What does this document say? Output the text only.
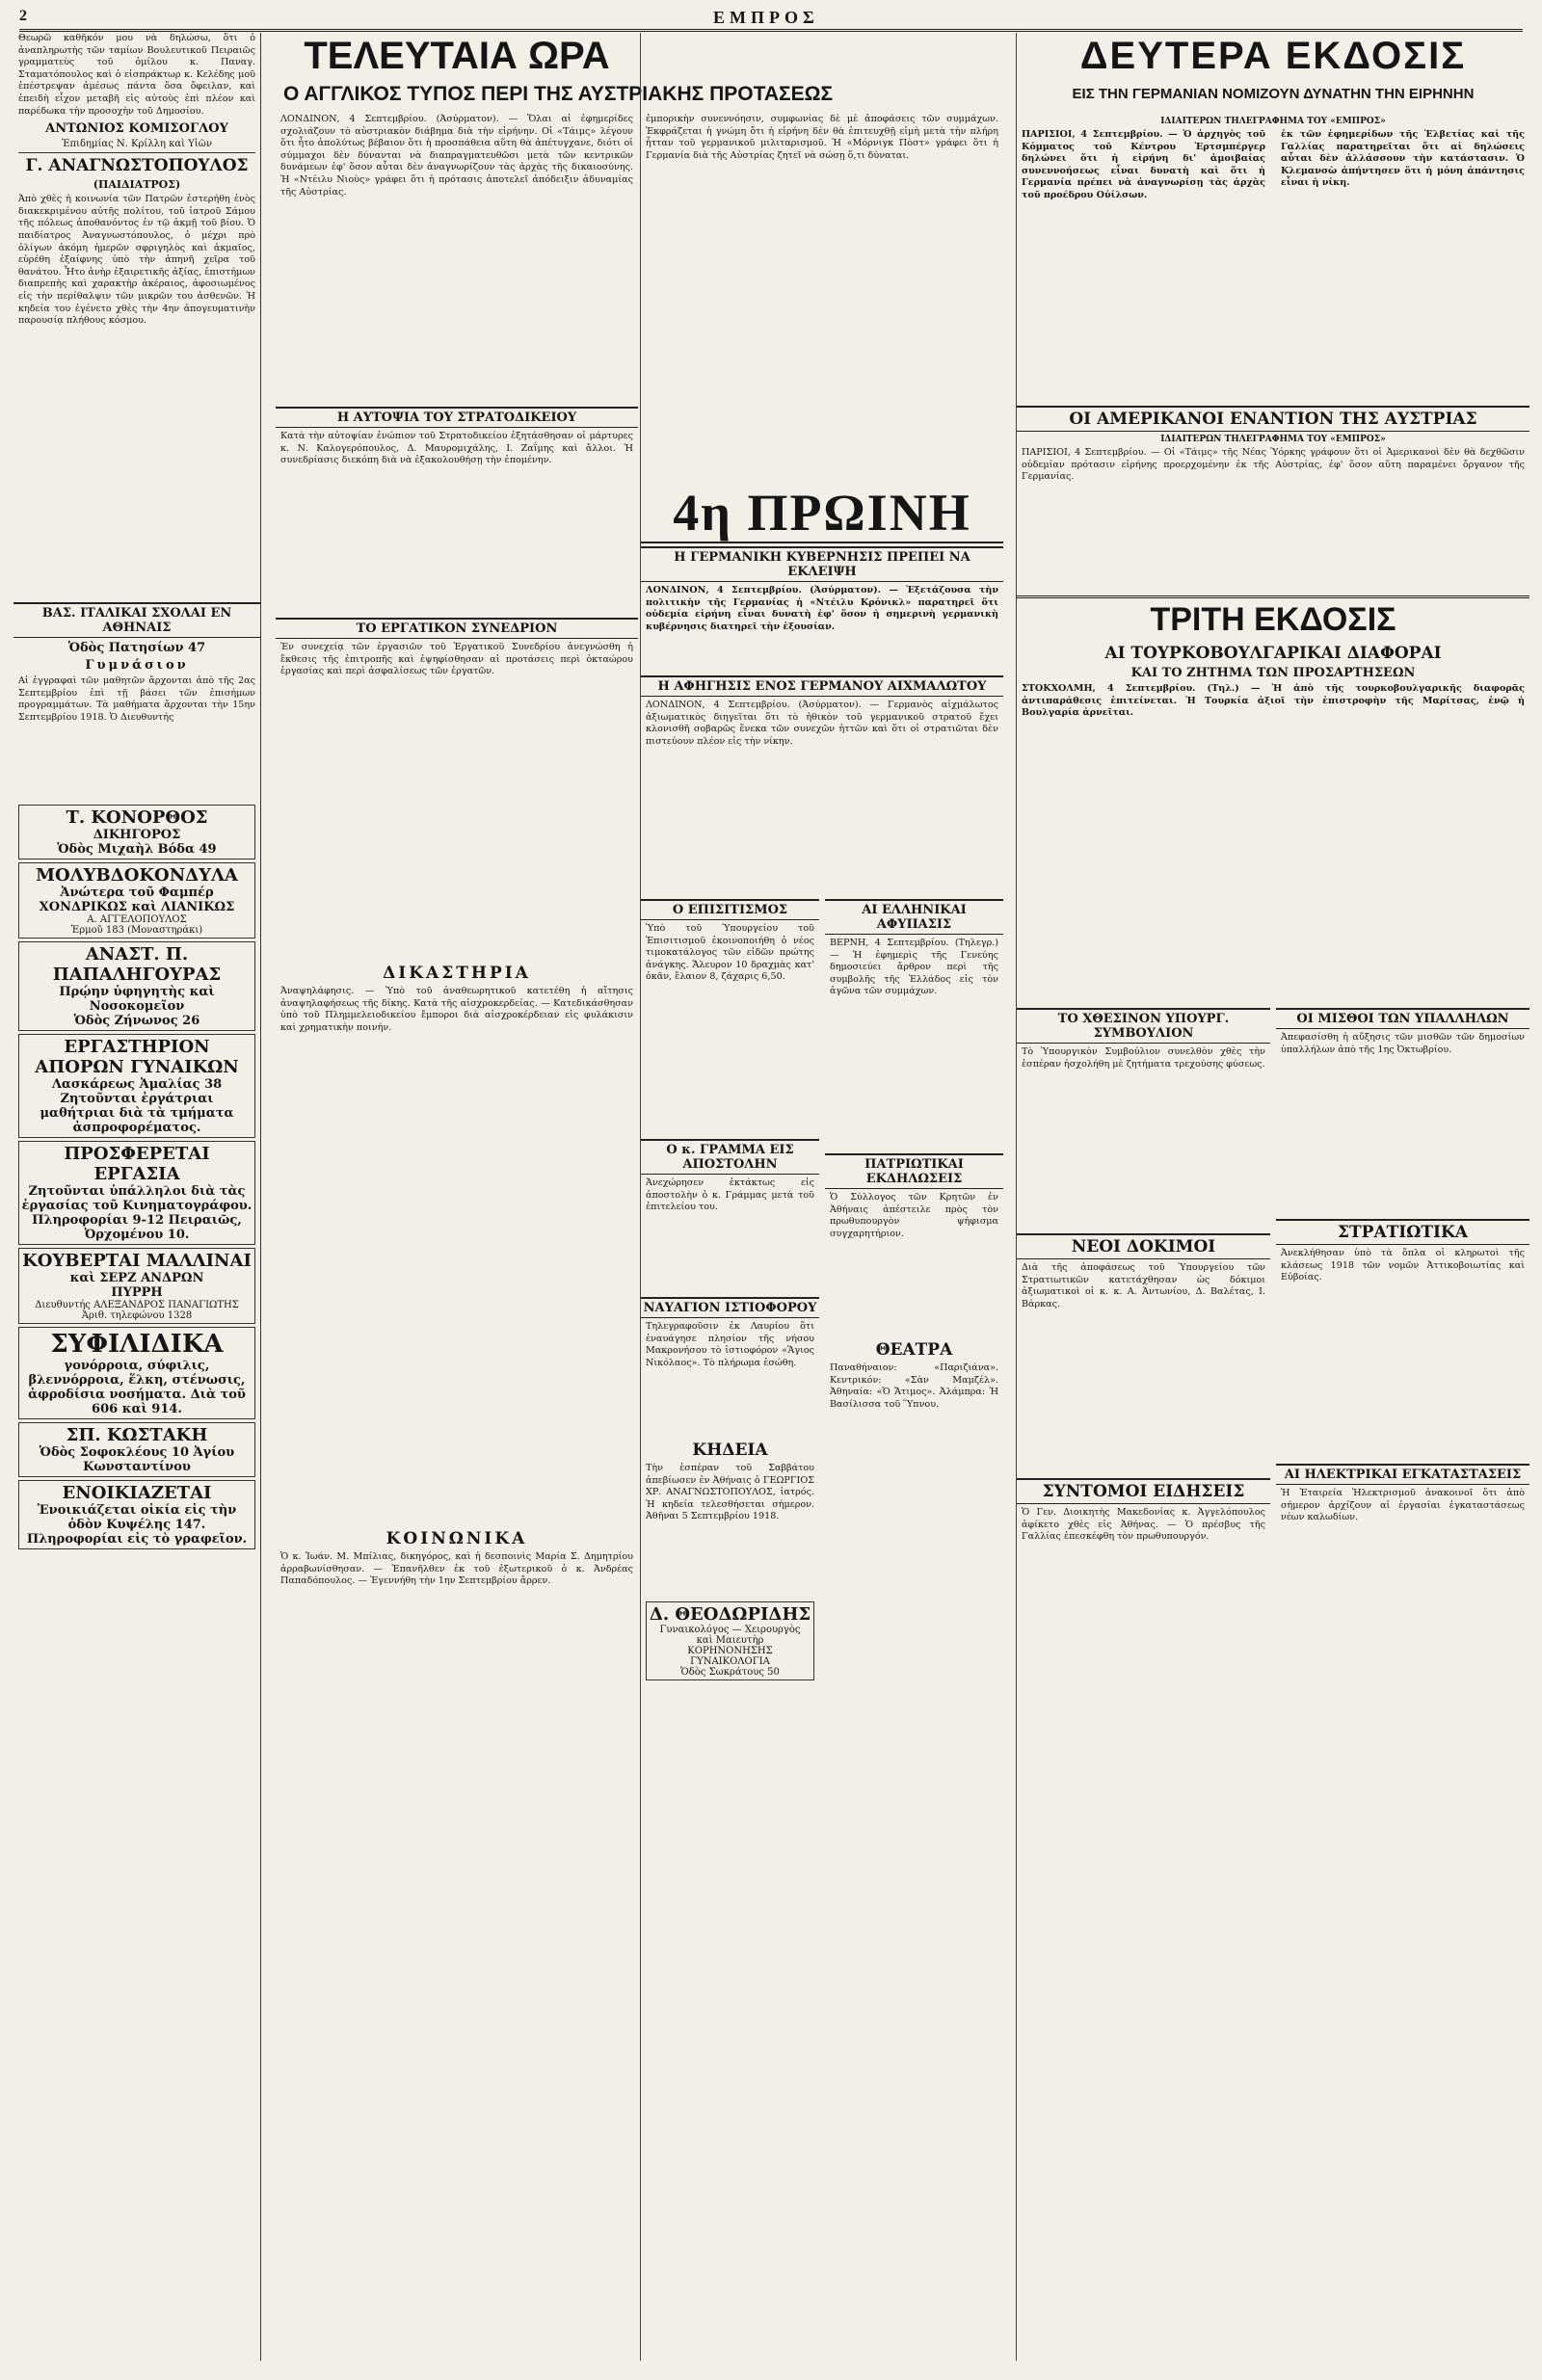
2	ΕΜΠΡΟΣ

Θεωρῶ καθῆκόν μου νὰ δηλώσω, ὅτι ὁ ἀναπληρωτὴς τῶν ταμίων Βουλευτικοῦ Πειραιῶς γραμματεὺς τοῦ ὁμίλου κ. Παναγ. Σταματόπουλος καὶ ὁ εἰσπράκτωρ κ. Κελέδης μοῦ ἐπέστρεψαν ἀμέσως πάντα ὅσα ὄφειλαν, καὶ ἐπειδὴ εἶχον μεταβῆ εἰς αὐτοὺς ἐπὶ πλέον καὶ παρέδωκα τὴν προσοχὴν τοῦ Δημοσίου.

ΑΝΤΩΝΙΟΣ ΚΟΜΙΣΟΓΛΟΥ
Ἐπιδημίας Ν. Κρίλλη καὶ Υἱῶν
Γ. ΑΝΑΓΝΩΣΤΟΠΟΥΛΟΣ
(ΠΑΙΔΙΑΤΡΟΣ)

Ἀπὸ χθὲς ἡ κοινωνία τῶν Πατρῶν ἐστερήθη ἑνὸς διακεκριμένου αὐτῆς πολίτου, τοῦ ἰατροῦ Σάμου τῆς πόλεως ἀποθανόντος ἐν τῷ ἀκμῇ τοῦ βίου. Ὁ παιδίατρος Ἀναγνωστόπουλος, ὁ μέχρι πρὸ ὀλίγων ἀκόμη ἡμερῶν σφριγηλὸς καὶ ἀκμαῖος, εὑρέθη ἐξαίφνης ὑπὸ τὴν ἀπηνῆ χεῖρα τοῦ θανάτου. Ἦτο ἀνὴρ ἐξαιρετικῆς ἀξίας, ἐπιστήμων διαπρεπὴς καὶ χαρακτὴρ ἀκέραιος, ἀφοσιωμένος εἰς τὴν περίθαλψιν τῶν μικρῶν του ἀσθενῶν. Ἡ κηδεία του ἐγένετο χθὲς τὴν 4ην ἀπογευματινὴν παρουσίᾳ πλήθους κόσμου.

ΒΑΣ. ΙΤΑΛΙΚΑΙ ΣΧΟΛΑΙ ΕΝ ΑΘΗΝΑΙΣ
Ὁδὸς Πατησίων 47
Γυμνάσιον

Αἱ ἐγγραφαὶ τῶν μαθητῶν ἄρχονται ἀπὸ τῆς 2ας Σεπτεμβρίου ἐπὶ τῇ βάσει τῶν ἐπισήμων προγραμμάτων. Τὰ μαθήματα ἄρχονται τὴν 15ην Σεπτεμβρίου 1918. Ὁ Διευθυντής

Τ. ΚΟΝΟΡΘΟΣ
ΔΙΚΗΓΟΡΟΣ
Ὁδὸς Μιχαὴλ Βόδα 49
ΜΟΛΥΒΔΟΚΟΝΔΥΛΑ
Ἀνώτερα τοῦ Φαμπέρ
ΧΟΝΔΡΙΚΩΣ καὶ ΛΙΑΝΙΚΩΣ
Α. ΑΓΓΕΛΟΠΟΥΛΟΣ
Ἑρμοῦ 183 (Μοναστηράκι)
ΑΝΑΣΤ. Π. ΠΑΠΑΛΗΓΟΥΡΑΣ
Πρῴην ὑφηγητὴς καὶ Νοσοκομεῖον
Ὁδὸς Ζήνωνος 26
ΕΡΓΑΣΤΗΡΙΟΝ ΑΠΟΡΩΝ ΓΥΝΑΙΚΩΝ
Λασκάρεως Ἀμαλίας 38
Ζητοῦνται ἐργάτριαι μαθήτριαι διὰ τὰ τμήματα ἀσπροφορέματος.
ΠΡΟΣΦΕΡΕΤΑΙ ΕΡΓΑΣΙΑ
Ζητοῦνται ὑπάλληλοι διὰ τὰς ἐργασίας τοῦ Κινηματογράφου. Πληροφορίαι 9-12 Πειραιῶς, Ὀρχομένου 10.
ΚΟΥΒΕΡΤΑΙ ΜΑΛΛΙΝΑΙ
καὶ ΣΕΡΖ ΑΝΔΡΩΝ
ΠΥΡΡΗ
Διευθυντής ΑΛΕΞΑΝΔΡΟΣ ΠΑΝΑΓΙΩΤΗΣ
Ἀριθ. τηλεφώνου 1328
ΣΥΦΙΛΙΔΙΚΑ
γονόρροια, σύφιλις, βλεννόρροια, ἕλκη, στένωσις, ἀφροδίσια νοσήματα. Διὰ τοῦ 606 καὶ 914.
ΣΠ. ΚΩΣΤΑΚΗ
Ὁδὸς Σοφοκλέους 10 Ἀγίου Κωνσταντίνου
ΕΝΟΙΚΙΑΖΕΤΑΙ
Ἐνοικιάζεται οἰκία εἰς τὴν ὁδὸν Κυψέλης 147. Πληροφορίαι εἰς τὸ γραφεῖον.
ΤΕΛΕΥΤΑΙΑ ΩΡΑ
Ο ΑΓΓΛΙΚΟΣ ΤΥΠΟΣ ΠΕΡΙ ΤΗΣ ΑΥΣΤΡΙΑΚΗΣ ΠΡΟΤΑΣΕΩΣ

ΛΟΝΔΙΝΟΝ, 4 Σεπτεμβρίου. (Ἀσύρματον). — Ὅλαι αἱ ἐφημερίδες σχολιάζουν τὸ αὐστριακὸν διάβημα διὰ τὴν εἰρήνην. Οἱ «Τάιμς» λέγουν ὅτι ἦτο ἀπολύτως βέβαιον ὅτι ἡ προσπάθεια αὕτη θὰ ἀπέτυγχανε, διότι οἱ σύμμαχοι δὲν δύνανται νὰ διαπραγματευθῶσι μετὰ τῶν κεντρικῶν δυνάμεων ἐφ' ὅσον αὗται δὲν ἀναγνωρίζουν τὰς ἀρχὰς τῆς δικαιοσύνης. Ἡ «Ντέιλυ Νιοὺς» γράφει ὅτι ἡ πρότασις ἀποτελεῖ ἀπόδειξιν ἀδυναμίας τῆς Αὐστρίας.

Η ΑΥΤΟΨΙΑ ΤΟΥ ΣΤΡΑΤΟΔΙΚΕΙΟΥ

Κατὰ τὴν αὐτοψίαν ἐνώπιον τοῦ Στρατοδικείου ἐξητάσθησαν οἱ μάρτυρες κ. Ν. Καλογερόπουλος, Δ. Μαυρομιχάλης, Ι. Ζαΐμης καὶ ἄλλοι. Ἡ συνεδρίασις διεκόπη διὰ νὰ ἐξακολουθήσῃ τὴν ἐπομένην.

ΤΟ ΕΡΓΑΤΙΚΟΝ ΣΥΝΕΔΡΙΟΝ

Ἐν συνεχείᾳ τῶν ἐργασιῶν τοῦ Ἐργατικοῦ Συνεδρίου ἀνεγνώσθη ἡ ἔκθεσις τῆς ἐπιτροπῆς καὶ ἐψηφίσθησαν αἱ προτάσεις περὶ ὀκταώρου ἐργασίας καὶ περὶ ἀσφαλίσεως τῶν ἐργατῶν.

ΔΙΚΑΣΤΗΡΙΑ

Ἀναψηλάφησις. — Ὑπὸ τοῦ ἀναθεωρητικοῦ κατετέθη ἡ αἴτησις ἀναψηλαφήσεως τῆς δίκης. Κατὰ τῆς αἰσχροκερδείας. — Κατεδικάσθησαν ὑπὸ τοῦ Πλημμελειοδικείου ἔμποροι διὰ αἰσχροκέρδειαν εἰς φυλάκισιν καὶ χρηματικὴν ποινήν.

ΚΟΙΝΩΝΙΚΑ

Ὁ κ. Ἰωάν. Μ. Μπίλιας, δικηγόρος, καὶ ἡ δεσποινὶς Μαρία Σ. Δημητρίου ἀρραβωνίσθησαν. — Ἐπανῆλθεν ἐκ τοῦ ἐξωτερικοῦ ὁ κ. Ἀνδρέας Παπαδόπουλος. — Ἐγεννήθη τὴν 1ην Σεπτεμβρίου ἄρρεν.

ἐμπορικὴν συνεννόησιν, συμφωνίας δὲ μὲ ἀποφάσεις τῶν συμμάχων. Ἐκφράζεται ἡ γνώμη ὅτι ἡ εἰρήνη δὲν θὰ ἐπιτευχθῇ εἰμὴ μετὰ τὴν πλήρη ἧτταν τοῦ γερμανικοῦ μιλιταρισμοῦ. Ἡ «Μόρνιγκ Πὸστ» γράφει ὅτι ἡ Γερμανία διὰ τῆς Αὐστρίας ζητεῖ νὰ σώσῃ ὅ,τι δύναται.

4η ΠΡΩΙΝΗ
Η ΓΕΡΜΑΝΙΚΗ ΚΥΒΕΡΝΗΣΙΣ ΠΡΕΠΕΙ ΝΑ ΕΚΛΕΙΨΗ

ΛΟΝΔΙΝΟΝ, 4 Σεπτεμβρίου. (Ἀσύρματον). — Ἐξετάζουσα τὴν πολιτικὴν τῆς Γερμανίας ἡ «Ντέιλυ Κρόνικλ» παρατηρεῖ ὅτι οὐδεμία εἰρήνη εἶναι δυνατὴ ἐφ' ὅσον ἡ σημερινὴ γερμανικὴ κυβέρνησις διατηρεῖ τὴν ἐξουσίαν.

Η ΑΦΗΓΗΣΙΣ ΕΝΟΣ ΓΕΡΜΑΝΟΥ ΑΙΧΜΑΛΩΤΟΥ

ΛΟΝΔΙΝΟΝ, 4 Σεπτεμβρίου. (Ἀσύρματον). — Γερμανὸς αἰχμάλωτος ἀξιωματικὸς διηγεῖται ὅτι τὸ ἠθικὸν τοῦ γερμανικοῦ στρατοῦ ἔχει κλονισθῆ σοβαρῶς ἕνεκα τῶν συνεχῶν ἡττῶν καὶ ὅτι οἱ στρατιῶται δὲν πιστεύουν πλέον εἰς τὴν νίκην.

Ο ΕΠΙΣΙΤΙΣΜΟΣ

Ὑπὸ τοῦ Ὑπουργείου τοῦ Ἐπισιτισμοῦ ἐκοινοποιήθη ὁ νέος τιμοκατάλογος τῶν εἰδῶν πρώτης ἀνάγκης. Ἄλευρον 10 δραχμὰς κατ' ὀκᾶν, ἔλαιον 8, ζάχαρις 6,50.

Ο κ. ΓΡΑΜΜΑ ΕΙΣ ΑΠΟΣΤΟΛΗΝ

Ἀνεχώρησεν ἐκτάκτως εἰς ἀποστολὴν ὁ κ. Γράμμας μετὰ τοῦ ἐπιτελείου του.

ΝΑΥΑΓΙΟΝ ΙΣΤΙΟΦΟΡΟΥ

Τηλεγραφοῦσιν ἐκ Λαυρίου ὅτι ἐναυάγησε πλησίον τῆς νήσου Μακρονήσου τὸ ἱστιοφόρον «Ἅγιος Νικόλαος». Τὸ πλήρωμα ἐσώθη.

ΚΗΔΕΙΑ

Τὴν ἑσπέραν τοῦ Σαββάτου ἀπεβίωσεν ἐν Ἀθήναις ὁ ΓΕΩΡΓΙΟΣ ΧΡ. ΑΝΑΓΝΩΣΤΟΠΟΥΛΟΣ, ἰατρός. Ἡ κηδεία τελεσθήσεται σήμερον. Ἀθῆναι 5 Σεπτεμβρίου 1918.

Δ. ΘΕΟΔΩΡΙΔΗΣ
Γυναικολόγος — Χειρουργὸς
καὶ Μαιευτὴρ
ΚΟΡΗΝΟΝΗΣΗΣ ΓΥΝΑΙΚΟΛΟΓΙΑ
Ὁδὸς Σωκράτους 50
ΑΙ ΕΛΛΗΝΙΚΑΙ ΑΦΥΙΙΑΣΙΣ

ΒΕΡΝΗ, 4 Σεπτεμβρίου. (Τηλεγρ.) — Ἡ ἐφημερὶς τῆς Γενεύης δημοσιεύει ἄρθρον περὶ τῆς συμβολῆς τῆς Ἑλλάδος εἰς τὸν ἀγῶνα τῶν συμμάχων.

ΠΑΤΡΙΩΤΙΚΑΙ ΕΚΔΗΛΩΣΕΙΣ

Ὁ Σύλλογος τῶν Κρητῶν ἐν Ἀθήναις ἀπέστειλε πρὸς τὸν πρωθυπουργὸν ψήφισμα συγχαρητήριον.

ΘΕΑΤΡΑ

Παναθήναιον: «Παριζιάνα». Κεντρικόν: «Σὰν Μαμζέλ». Ἀθηναία: «Ὁ Ἄτιμος». Ἀλάμπρα: Ἡ Βασίλισσα τοῦ Ὕπνου.

ΔΕΥΤΕΡΑ ΕΚΔΟΣΙΣ
ΕΙΣ ΤΗΝ ΓΕΡΜΑΝΙΑΝ ΝΟΜΙΖΟΥΝ ΔΥΝΑΤΗΝ ΤΗΝ ΕΙΡΗΝΗΝ
ΙΔΙΑΙΤΕΡΩΝ ΤΗΛΕΓΡΑΦΗΜΑ ΤΟΥ «ΕΜΠΡΟΣ»

ΠΑΡΙΣΙΟΙ, 4 Σεπτεμβρίου. — Ὁ ἀρχηγὸς τοῦ Κόμματος τοῦ Κέντρου Ἐρτσμπέργερ δηλώνει ὅτι ἡ εἰρήνη δι' ἀμοιβαίας συνεννοήσεως εἶναι δυνατὴ καὶ ὅτι ἡ Γερμανία πρέπει νὰ ἀναγνωρίσῃ τὰς ἀρχὰς τοῦ προέδρου Οὐίλσων.

ἐκ τῶν ἐφημερίδων τῆς Ἑλβετίας καὶ τῆς Γαλλίας παρατηρεῖται ὅτι αἱ δηλώσεις αὗται δὲν ἀλλάσσουν τὴν κατάστασιν. Ὁ Κλεμανσὼ ἀπήντησεν ὅτι ἡ μόνη ἀπάντησις εἶναι ἡ νίκη.

ΟΙ ΑΜΕΡΙΚΑΝΟΙ ΕΝΑΝΤΙΟΝ ΤΗΣ ΑΥΣΤΡΙΑΣ
ΙΔΙΑΙΤΕΡΩΝ ΤΗΛΕΓΡΑΦΗΜΑ ΤΟΥ «ΕΜΠΡΟΣ»

ΠΑΡΙΣΙΟΙ, 4 Σεπτεμβρίου. — Οἱ «Τάιμς» τῆς Νέας Ὑόρκης γράφουν ὅτι οἱ Ἀμερικανοὶ δὲν θὰ δεχθῶσιν οὐδεμίαν πρότασιν εἰρήνης προερχομένην ἐκ τῆς Αὐστρίας, ἐφ' ὅσον αὕτη παραμένει ὄργανον τῆς Γερμανίας.

ΤΡΙΤΗ ΕΚΔΟΣΙΣ
ΑΙ ΤΟΥΡΚΟΒΟΥΛΓΑΡΙΚΑΙ ΔΙΑΦΟΡΑΙ
ΚΑΙ ΤΟ ΖΗΤΗΜΑ ΤΩΝ ΠΡΟΣΑΡΤΗΣΕΩΝ

ΣΤΟΚΧΟΛΜΗ, 4 Σεπτεμβρίου. (Τηλ.) — Ἡ ἀπὸ τῆς τουρκοβουλγαρικῆς διαφορᾶς ἀντιπαράθεσις ἐπιτείνεται. Ἡ Τουρκία ἀξιοῖ τὴν ἐπιστροφὴν τῆς Μαρίτσας, ἐνῷ ἡ Βουλγαρία ἀρνεῖται.

ΤΟ ΧΘΕΣΙΝΟΝ ΥΠΟΥΡΓ. ΣΥΜΒΟΥΛΙΟΝ

Τὸ Ὑπουργικὸν Συμβούλιον συνελθὸν χθὲς τὴν ἑσπέραν ἠσχολήθη μὲ ζητήματα τρεχούσης φύσεως.

ΝΕΟΙ ΔΟΚΙΜΟΙ

Διὰ τῆς ἀποφάσεως τοῦ Ὑπουργείου τῶν Στρατιωτικῶν κατετάχθησαν ὡς δόκιμοι ἀξιωματικοὶ οἱ κ. κ. Α. Ἀντωνίου, Δ. Βαλέτας, Ι. Βάρκας.

ΣΥΝΤΟΜΟΙ ΕΙΔΗΣΕΙΣ

Ὁ Γεν. Διοικητὴς Μακεδονίας κ. Ἀγγελόπουλος ἀφίκετο χθὲς εἰς Ἀθήνας. — Ὁ πρέσβυς τῆς Γαλλίας ἐπεσκέφθη τὸν πρωθυπουργόν.

ΟΙ ΜΙΣΘΟΙ ΤΩΝ ΥΠΑΛΛΗΛΩΝ

Ἀπεφασίσθη ἡ αὔξησις τῶν μισθῶν τῶν δημοσίων ὑπαλλήλων ἀπὸ τῆς 1ης Ὀκτωβρίου.

ΣΤΡΑΤΙΩΤΙΚΑ

Ἀνεκλήθησαν ὑπὸ τὰ ὅπλα οἱ κληρωτοὶ τῆς κλάσεως 1918 τῶν νομῶν Ἀττικοβοιωτίας καὶ Εὐβοίας.

ΑΙ ΗΛΕΚΤΡΙΚΑΙ ΕΓΚΑΤΑΣΤΑΣΕΙΣ

Ἡ Ἑταιρεία Ἠλεκτρισμοῦ ἀνακοινοῖ ὅτι ἀπὸ σήμερον ἀρχίζουν αἱ ἐργασίαι ἐγκαταστάσεως νέων καλωδίων.
